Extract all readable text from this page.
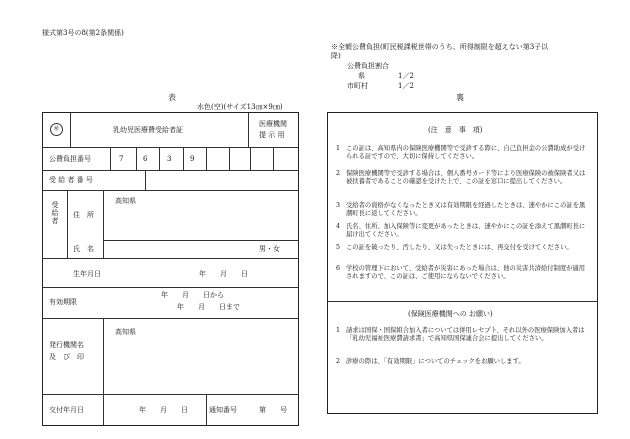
様式第3号の8(第2条関係)
※全額公費負担(町民税課税世帯のうち、所得制限を超えない第3子以
降)
公費負担割合
県	1／2
市町村	1／2
表
水色(空)(サイズ13㎝×9㎝)
裏
㊙	乳幼児医療費受給者証
医療機関
提 示 用
公費負担番号	7	6	3	9
受 給 者 番 号
受給者 住　所
高知県
氏　名	男・女
生年月日	年　　月　　日
有効期限
年　　月　　日から
年　　月　　日まで
発行機関名
及　び　印
高知県
交付年月日	年　　月　　日	通知番号	第　　号
(注　意　事　項)
1 この証は、高知県内の保険医療機関等で受診する際に、自己負担金の公費助成が受けられる証ですので、大切に保持してください。
2 保険医療機関等で受診する場合は、個人番号カード等により医療保険の被保険者又は被扶養者であることの確認を受けた上で、この証を窓口に提出してください。
3 受給者の資格がなくなったとき又は有効期限を経過したときは、速やかにこの証を黒潮町長に返してください。
4 氏名、住所、加入保険等に変更があったときは、速やかにこの証を添えて黒潮町長に届け出てください。
5 この証を破ったり、汚したり、又は失ったときには、再交付を受けてください。
6 学校の管理下において、受給者が災害にあった場合は、他の災害共済給付制度が適用されますので、この証は、ご使用にならないでください。
(保険医療機関への お願い)
1 請求は国保・国保組合加入者については併用レセプト、それ以外の医療保険加入者は「乳幼児福祉医療費請求書」で高知県国保連合会に提出してください。
2 診療の際は、「有効期限」についてのチェックをお願いします。
